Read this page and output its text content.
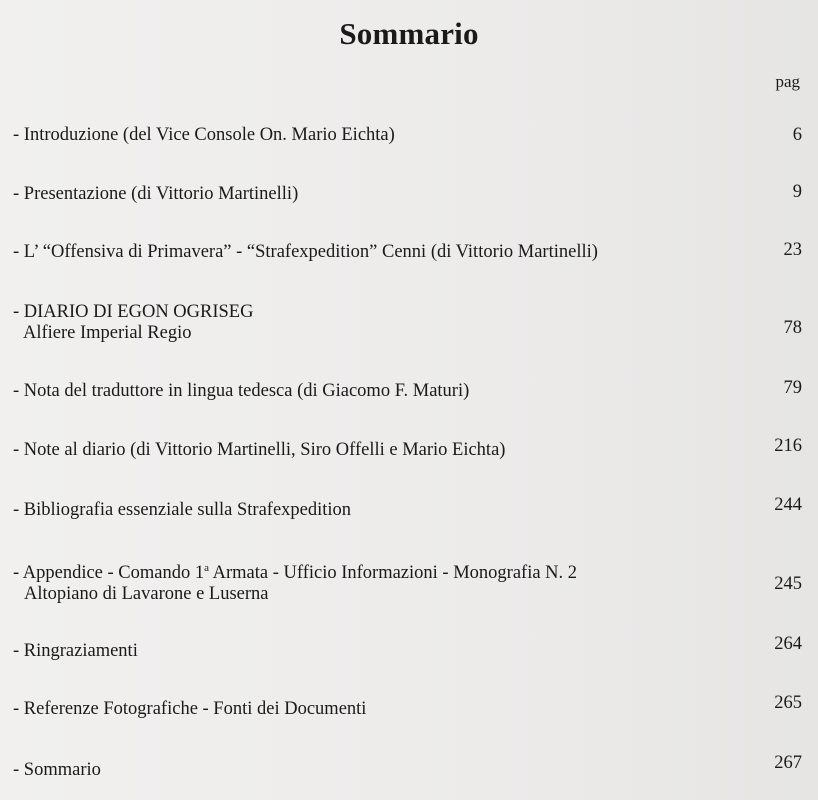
Sommario
pag
- Introduzione (del Vice Console On. Mario Eichta)	6
- Presentazione (di Vittorio Martinelli)	9
- L’ “Offensiva di Primavera” - “Strafexpedition” Cenni (di Vittorio Martinelli)	23
- DIARIO DI EGON OGRISEG
Alfiere Imperial Regio	78
- Nota del traduttore in lingua tedesca (di Giacomo F. Maturi)	79
- Note al diario (di Vittorio Martinelli, Siro Offelli e Mario Eichta)	216
- Bibliografia essenziale sulla Strafexpedition	244
- Appendice - Comando 1$^a$ Armata - Ufficio Informazioni - Monografia N. 2
Altopiano di Lavarone e Luserna	245
- Ringraziamenti	264
- Referenze Fotografiche - Fonti dei Documenti	265
- Sommario	267
